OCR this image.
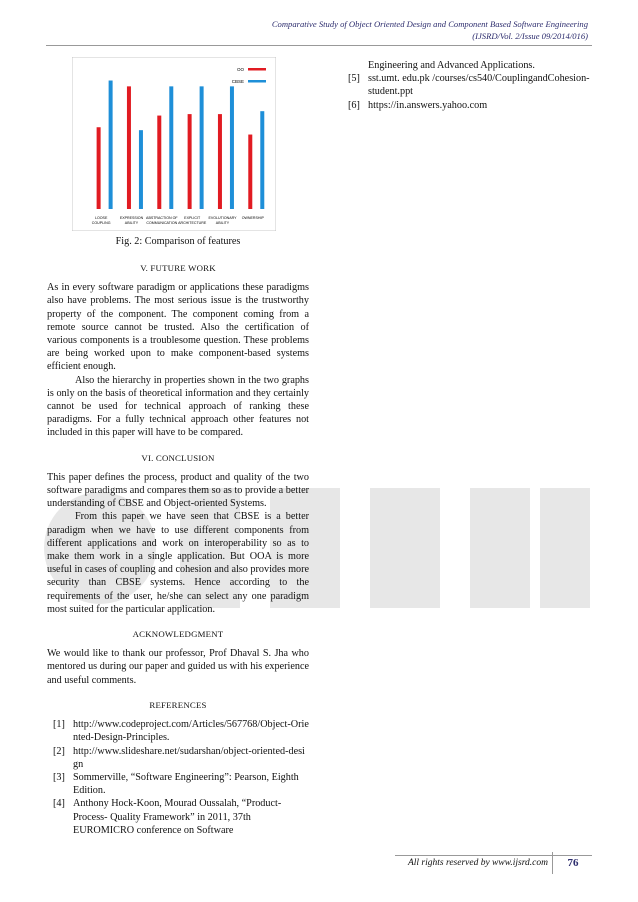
Comparative Study of Object Oriented Design and Component Based Software Engineering
(IJSRD/Vol. 2/Issue 09/2014/016)
LOOSE COUPLING
EXPRESSION ABILITY
ABSTRACTION OF COMMUNICATION
EXPLICIT ARCHITECTURE
EVOLUTIONARY ABILITY
OWNERSHIP
OO
CBSE
Fig. 2: Comparison of features
V. FUTURE WORK

As in every software paradigm or applications these paradigms also have problems. The most serious issue is the trustworthy property of the component. The component coming from a remote source cannot be trusted. Also the certification of various components is a troublesome question. These problems are being worked upon to make component-based systems efficient enough.

Also the hierarchy in properties shown in the two graphs is only on the basis of theoretical information and they certainly cannot be used for technical approach of ranking these paradigms. For a fully technical approach other features not included in this paper will have to be compared.

VI. CONCLUSION

This paper defines the process, product and quality of the two software paradigms and compares them so as to provide a better understanding of CBSE and Object-oriented Systems.

From this paper we have seen that CBSE is a better paradigm when we have to use different components from different applications and work on interoperability so as to make them work in a single application. But OOA is more useful in cases of coupling and cohesion and also provides more security than CBSE systems. Hence according to the requirements of the user, he/she can select any one paradigm most suited for the particular application.

ACKNOWLEDGMENT

We would like to thank our professor, Prof Dhaval S. Jha who mentored us during our paper and guided us with his experience and useful comments.

REFERENCES
[1] http://www.codeproject.com/Articles/567768/Object-Oriented-Design-Principles.
[2] http://www.slideshare.net/sudarshan/object-oriented-design
[3] Sommerville, “Software Engineering”: Pearson, Eighth Edition.
[4] Anthony Hock-Koon, Mourad Oussalah, “Product-Process- Quality Framework” in 2011, 37th EUROMICRO conference on Software
Engineering and Advanced Applications.
[5] sst.umt. edu.pk /courses/cs540/CouplingandCohesion-student.ppt
[6] https://in.answers.yahoo.com
All rights reserved by www.ijsrd.com	76
